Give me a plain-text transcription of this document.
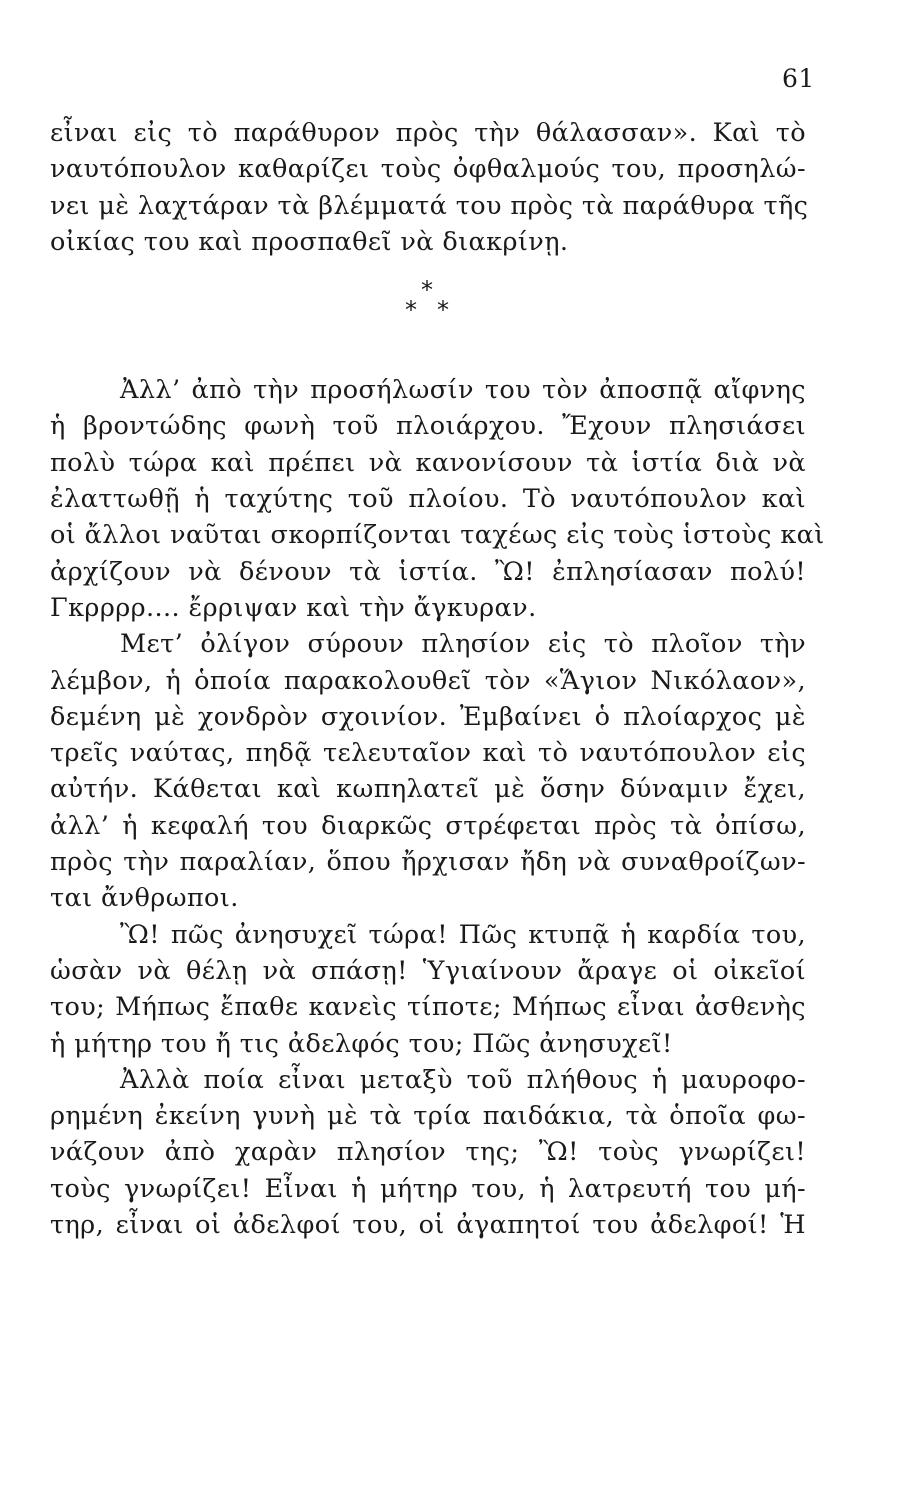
61
εἶναι εἰς τὸ παράθυρον πρὸς τὴν θάλασσαν». Καὶ τὸ
ναυτόπουλον καθαρίζει τοὺς ὀφθαλμούς του, προσηλώ-
νει μὲ λαχτάραν τὰ βλέμματά του πρὸς τὰ παράθυρα τῆς
οἰκίας του καὶ προσπαθεῖ νὰ διακρίνῃ.
*
* *
Ἀλλ’ ἀπὸ τὴν προσήλωσίν του τὸν ἀποσπᾷ αἴφνης
ἡ βροντώδης φωνὴ τοῦ πλοιάρχου. Ἔχουν πλησιάσει
πολὺ τώρα καὶ πρέπει νὰ κανονίσουν τὰ ἱστία διὰ νὰ
ἐλαττωθῇ ἡ ταχύτης τοῦ πλοίου. Τὸ ναυτόπουλον καὶ
οἱ ἄλλοι ναῦται σκορπίζονται ταχέως εἰς τοὺς ἱστοὺς καὶ
ἀρχίζουν νὰ δένουν τὰ ἱστία. Ὢ! ἐπλησίασαν πολύ!
Γκρρρρ.... ἔρριψαν καὶ τὴν ἄγκυραν.
Μετ’ ὀλίγον σύρουν πλησίον εἰς τὸ πλοῖον τὴν
λέμβον, ἡ ὁποία παρακολουθεῖ τὸν «Ἅγιον Νικόλαον»,
δεμένη μὲ χονδρὸν σχοινίον. Ἐμβαίνει ὁ πλοίαρχος μὲ
τρεῖς ναύτας, πηδᾷ τελευταῖον καὶ τὸ ναυτόπουλον εἰς
αὐτήν. Κάθεται καὶ κωπηλατεῖ μὲ ὅσην δύναμιν ἔχει,
ἀλλ’ ἡ κεφαλή του διαρκῶς στρέφεται πρὸς τὰ ὀπίσω,
πρὸς τὴν παραλίαν, ὅπου ἤρχισαν ἤδη νὰ συναθροίζων-
ται ἄνθρωποι.
Ὢ! πῶς ἀνησυχεῖ τώρα! Πῶς κτυπᾷ ἡ καρδία του,
ὡσὰν νὰ θέλῃ νὰ σπάσῃ! Ὑγιαίνουν ἄραγε οἱ οἰκεῖοί
του; Μήπως ἔπαθε κανεὶς τίποτε; Μήπως εἶναι ἀσθενὴς
ἡ μήτηρ του ἤ τις ἀδελφός του; Πῶς ἀνησυχεῖ!
Ἀλλὰ ποία εἶναι μεταξὺ τοῦ πλήθους ἡ μαυροφο-
ρημένη ἐκείνη γυνὴ μὲ τὰ τρία παιδάκια, τὰ ὁποῖα φω-
νάζουν ἀπὸ χαρὰν πλησίον της; Ὢ! τοὺς γνωρίζει!
τοὺς γνωρίζει! Εἶναι ἡ μήτηρ του, ἡ λατρευτή του μή-
τηρ, εἶναι οἱ ἀδελφοί του, οἱ ἀγαπητοί του ἀδελφοί! Ἡ
